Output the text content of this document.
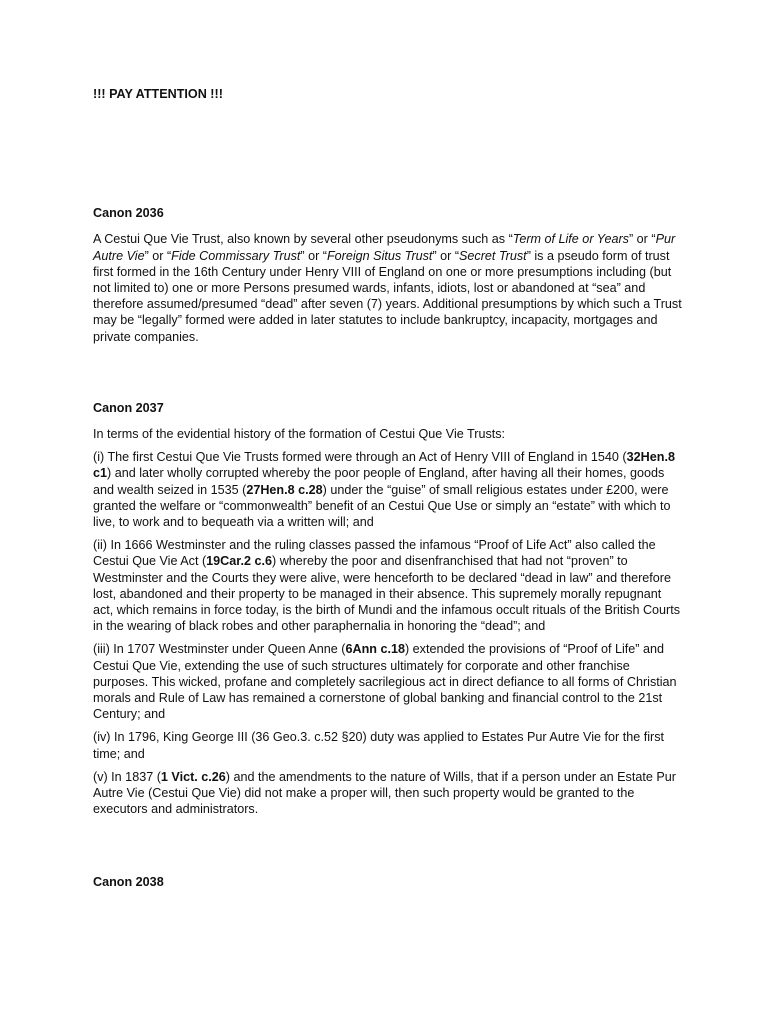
!!! PAY ATTENTION !!!

Canon 2036

A Cestui Que Vie Trust, also known by several other pseudonyms such as “Term of Life or Years” or “Pur Autre Vie” or “Fide Commissary Trust” or “Foreign Situs Trust” or “Secret Trust” is a pseudo form of trust first formed in the 16th Century under Henry VIII of England on one or more presumptions including (but not limited to) one or more Persons presumed wards, infants, idiots, lost or abandoned at “sea” and therefore assumed/presumed “dead” after seven (7) years. Additional presumptions by which such a Trust may be “legally” formed were added in later statutes to include bankruptcy, incapacity, mortgages and private companies.

Canon 2037

In terms of the evidential history of the formation of Cestui Que Vie Trusts:

(i) The first Cestui Que Vie Trusts formed were through an Act of Henry VIII of England in 1540 (32Hen.8 c1) and later wholly corrupted whereby the poor people of England, after having all their homes, goods and wealth seized in 1535 (27Hen.8 c.28) under the “guise” of small religious estates under £200, were granted the welfare or “commonwealth” benefit of an Cestui Que Use or simply an “estate” with which to live, to work and to bequeath via a written will; and

(ii) In 1666 Westminster and the ruling classes passed the infamous “Proof of Life Act” also called the Cestui Que Vie Act (19Car.2 c.6) whereby the poor and disenfranchised that had not “proven” to Westminster and the Courts they were alive, were henceforth to be declared “dead in law” and therefore lost, abandoned and their property to be managed in their absence. This supremely morally repugnant act, which remains in force today, is the birth of Mundi and the infamous occult rituals of the British Courts in the wearing of black robes and other paraphernalia in honoring the “dead”; and

(iii) In 1707 Westminster under Queen Anne (6Ann c.18) extended the provisions of “Proof of Life” and Cestui Que Vie, extending the use of such structures ultimately for corporate and other franchise purposes. This wicked, profane and completely sacrilegious act in direct defiance to all forms of Christian morals and Rule of Law has remained a cornerstone of global banking and financial control to the 21st Century; and

(iv) In 1796, King George III (36 Geo.3. c.52 §20) duty was applied to Estates Pur Autre Vie for the first time; and

(v) In 1837 (1 Vict. c.26) and the amendments to the nature of Wills, that if a person under an Estate Pur Autre Vie (Cestui Que Vie) did not make a proper will, then such property would be granted to the executors and administrators.

Canon 2038
